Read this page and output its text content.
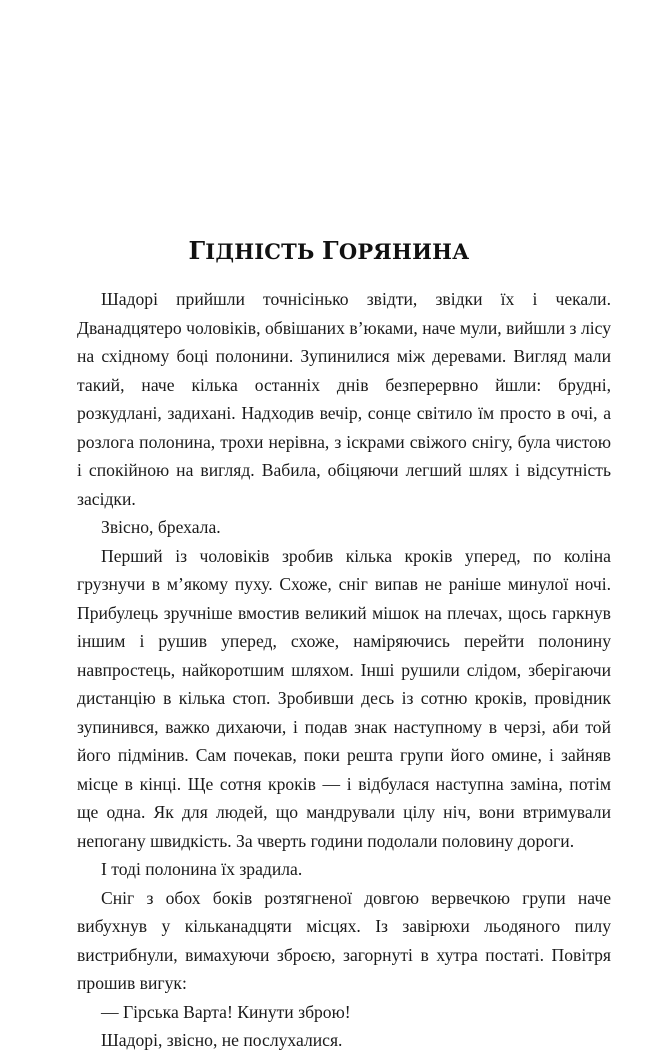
ГІДНІСТЬ ГОРЯНИНА

Шадорі прийшли точнісінько звідти, звідки їх і чекали. Дванадцятеро чоловіків, обвішаних в’юками, наче мули, вийшли з лісу на східному боці полонини. Зупинилися між деревами. Вигляд мали такий, наче кілька останніх днів безперервно йшли: брудні, розкудлані, задихані. Надходив вечір, сонце світило їм просто в очі, а розлога полонина, трохи нерівна, з іскрами свіжого снігу, була чистою і спокійною на вигляд. Вабила, обіцяючи легший шлях і відсутність засідки.

Звісно, брехала.

Перший із чоловіків зробив кілька кроків уперед, по коліна грузнучи в м’якому пуху. Схоже, сніг випав не раніше минулої ночі. Прибулець зручніше вмостив великий мішок на плечах, щось гаркнув іншим і рушив уперед, схоже, наміряючись перейти полонину навпростець, найкоротшим шляхом. Інші рушили слідом, зберігаючи дистанцію в кілька стоп. Зробивши десь із сотню кроків, провідник зупинився, важко дихаючи, і подав знак наступному в черзі, аби той його підмінив. Сам почекав, поки решта групи його омине, і зайняв місце в кінці. Ще сотня кроків — і відбулася наступна заміна, потім ще одна. Як для людей, що мандрували цілу ніч, вони втримували непогану швидкість. За чверть години подолали половину дороги.

І тоді полонина їх зрадила.

Сніг з обох боків розтягненої довгою вервечкою групи наче вибухнув у кільканадцяти місцях. Із завірюхи льодяного пилу вистрибнули, вимахуючи зброєю, загорнуті в хутра постаті. Повітря прошив вигук:

— Гірська Варта! Кинути зброю!

Шадорі, звісно, не послухалися.
